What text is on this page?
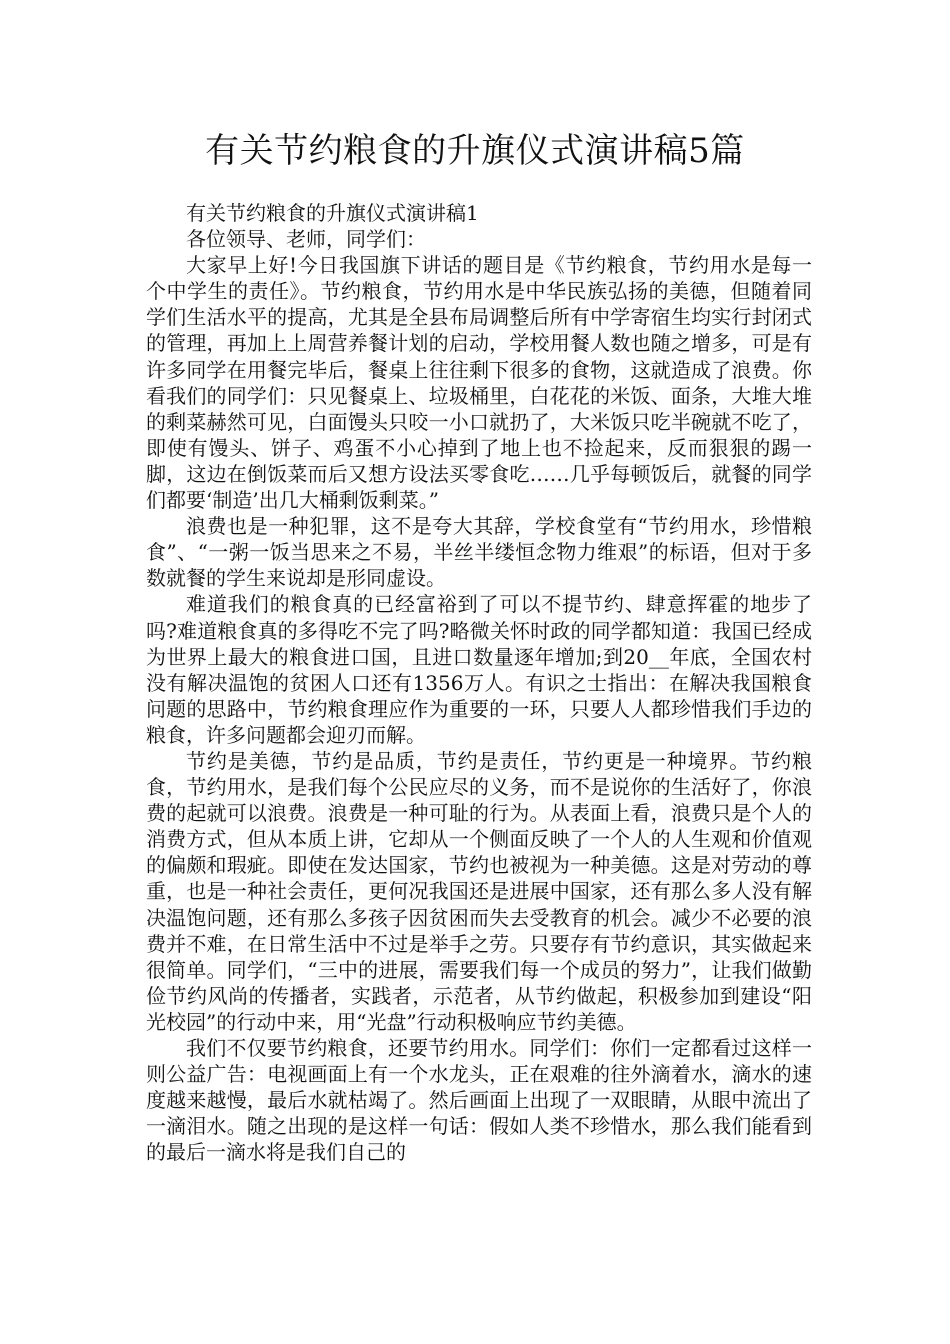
有关节约粮食的升旗仪式演讲稿5篇

有关节约粮食的升旗仪式演讲稿1

各位领导、老师，同学们：

大家早上好!今日我国旗下讲话的题目是《节约粮食，节约用水是每一个中学生的责任》。节约粮食，节约用水是中华民族弘扬的美德，但随着同学们生活水平的提高，尤其是全县布局调整后所有中学寄宿生均实行封闭式的管理，再加上上周营养餐计划的启动，学校用餐人数也随之增多，可是有许多同学在用餐完毕后，餐桌上往往剩下很多的食物，这就造成了浪费。你看我们的同学们：只见餐桌上、垃圾桶里，白花花的米饭、面条，大堆大堆的剩菜赫然可见，白面馒头只咬一小口就扔了，大米饭只吃半碗就不吃了，即使有馒头、饼子、鸡蛋不小心掉到了地上也不捡起来，反而狠狠的踢一脚，这边在倒饭菜而后又想方设法买零食吃……几乎每顿饭后，就餐的同学们都要‘制造’出几大桶剩饭剩菜。”

浪费也是一种犯罪，这不是夸大其辞，学校食堂有“节约用水，珍惜粮食”、“一粥一饭当思来之不易，半丝半缕恒念物力维艰”的标语，但对于多数就餐的学生来说却是形同虚设。

难道我们的粮食真的已经富裕到了可以不提节约、肆意挥霍的地步了吗?难道粮食真的多得吃不完了吗?略微关怀时政的同学都知道：我国已经成为世界上最大的粮食进口国，且进口数量逐年增加;到20__年底，全国农村没有解决温饱的贫困人口还有1356万人。有识之士指出：在解决我国粮食问题的思路中，节约粮食理应作为重要的一环，只要人人都珍惜我们手边的粮食，许多问题都会迎刃而解。

节约是美德，节约是品质，节约是责任，节约更是一种境界。节约粮食，节约用水，是我们每个公民应尽的义务，而不是说你的生活好了，你浪费的起就可以浪费。浪费是一种可耻的行为。从表面上看，浪费只是个人的消费方式，但从本质上讲，它却从一个侧面反映了一个人的人生观和价值观的偏颇和瑕疵。即使在发达国家，节约也被视为一种美德。这是对劳动的尊重，也是一种社会责任，更何况我国还是进展中国家，还有那么多人没有解决温饱问题，还有那么多孩子因贫困而失去受教育的机会。减少不必要的浪费并不难，在日常生活中不过是举手之劳。只要存有节约意识，其实做起来很简单。同学们，“三中的进展，需要我们每一个成员的努力”，让我们做勤俭节约风尚的传播者，实践者，示范者，从节约做起，积极参加到建设“阳光校园”的行动中来，用“光盘”行动积极响应节约美德。

我们不仅要节约粮食，还要节约用水。同学们：你们一定都看过这样一则公益广告：电视画面上有一个水龙头，正在艰难的往外滴着水，滴水的速度越来越慢，最后水就枯竭了。然后画面上出现了一双眼睛，从眼中流出了一滴泪水。随之出现的是这样一句话：假如人类不珍惜水，那么我们能看到的最后一滴水将是我们自己的
